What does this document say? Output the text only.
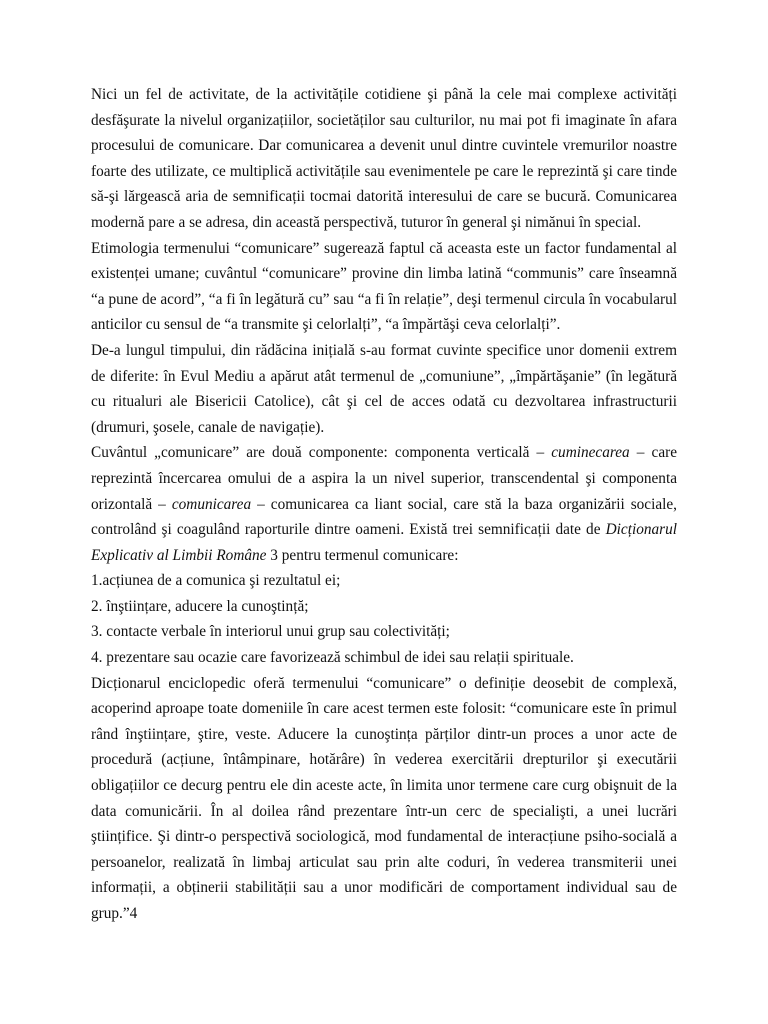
Nici un fel de activitate, de la activitățile cotidiene şi până la cele mai complexe activități desfăşurate la nivelul organizațiilor, societăților sau culturilor, nu mai pot fi imaginate în afara procesului de comunicare. Dar comunicarea a devenit unul dintre cuvintele vremurilor noastre foarte des utilizate, ce multiplică activitățile sau evenimentele pe care le reprezintă şi care tinde să-şi lărgească aria de semnificații tocmai datorită interesului de care se bucură. Comunicarea modernă pare a se adresa, din această perspectivă, tuturor în general şi nimănui în special.

Etimologia termenului “comunicare” sugerează faptul că aceasta este un factor fundamental al existenței umane; cuvântul “comunicare” provine din limba latină “communis” care înseamnă “a pune de acord”, “a fi în legătură cu” sau “a fi în relație”, deşi termenul circula în vocabularul anticilor cu sensul de “a transmite şi celorlalți”, “a împărtăşi ceva celorlalți”.

De-a lungul timpului, din rădăcina inițială s-au format cuvinte specifice unor domenii extrem de diferite: în Evul Mediu a apărut atât termenul de „comuniune”, „împărtăşanie” (în legătură cu ritualuri ale Bisericii Catolice), cât şi cel de acces odată cu dezvoltarea infrastructurii (drumuri, şosele, canale de navigație).

Cuvântul „comunicare” are două componente: componenta verticală – cuminecarea – care reprezintă încercarea omului de a aspira la un nivel superior, transcendental şi componenta orizontală – comunicarea – comunicarea ca liant social, care stă la baza organizării sociale, controlând şi coagulând raporturile dintre oameni. Există trei semnificații date de Dicționarul Explicativ al Limbii Române 3 pentru termenul comunicare:

1.acțiunea de a comunica şi rezultatul ei;

2. înştiințare, aducere la cunoştință;

3. contacte verbale în interiorul unui grup sau colectivități;

4. prezentare sau ocazie care favorizează schimbul de idei sau relații spirituale.

Dicționarul enciclopedic oferă termenului “comunicare” o definiție deosebit de complexă, acoperind aproape toate domeniile în care acest termen este folosit: “comunicare este în primul rând înştiințare, ştire, veste. Aducere la cunoştința părților dintr-un proces a unor acte de procedură (acțiune, întâmpinare, hotărâre) în vederea exercitării drepturilor şi executării obligațiilor ce decurg pentru ele din aceste acte, în limita unor termene care curg obişnuit de la data comunicării. În al doilea rând prezentare într-un cerc de specialişti, a unei lucrări ştiințifice. Şi dintr-o perspectivă sociologică, mod fundamental de interacțiune psiho-socială a persoanelor, realizată în limbaj articulat sau prin alte coduri, în vederea transmiterii unei informații, a obținerii stabilității sau a unor modificări de comportament individual sau de grup.”4
